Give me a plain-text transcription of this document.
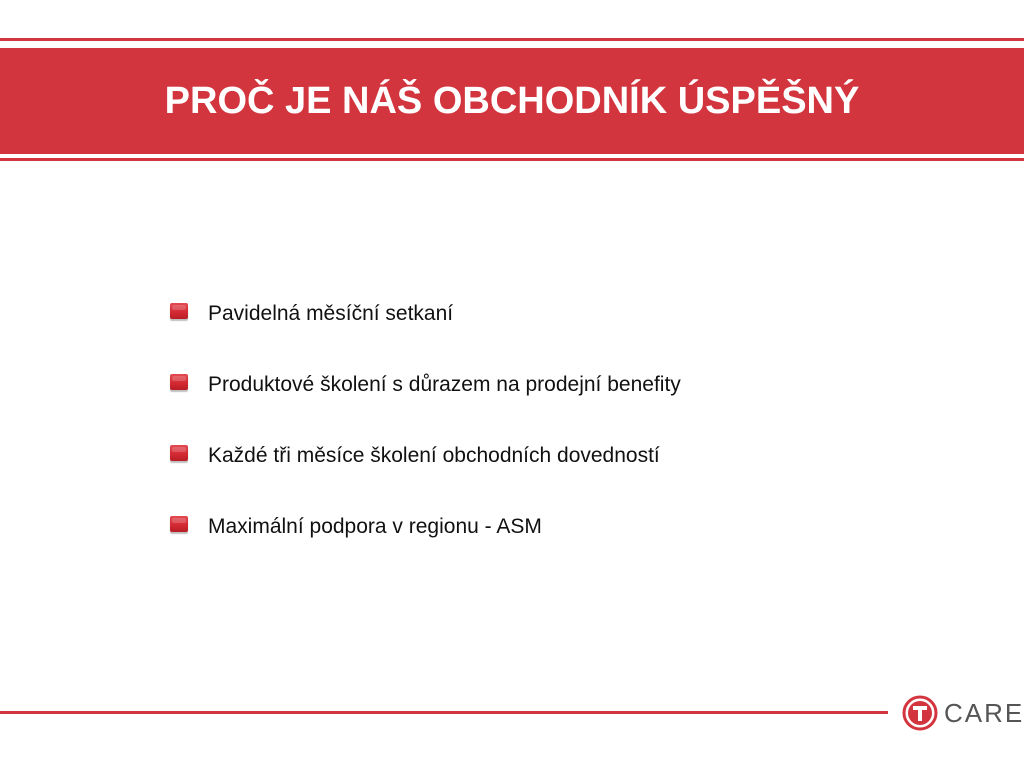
PROČ JE NÁŠ OBCHODNÍK ÚSPĚŠNÝ
Pavidelná měsíční setkaní
Produktové školení s důrazem na prodejní benefity
Každé tři měsíce školení obchodních dovedností
Maximální podpora v regionu - ASM
CARE
